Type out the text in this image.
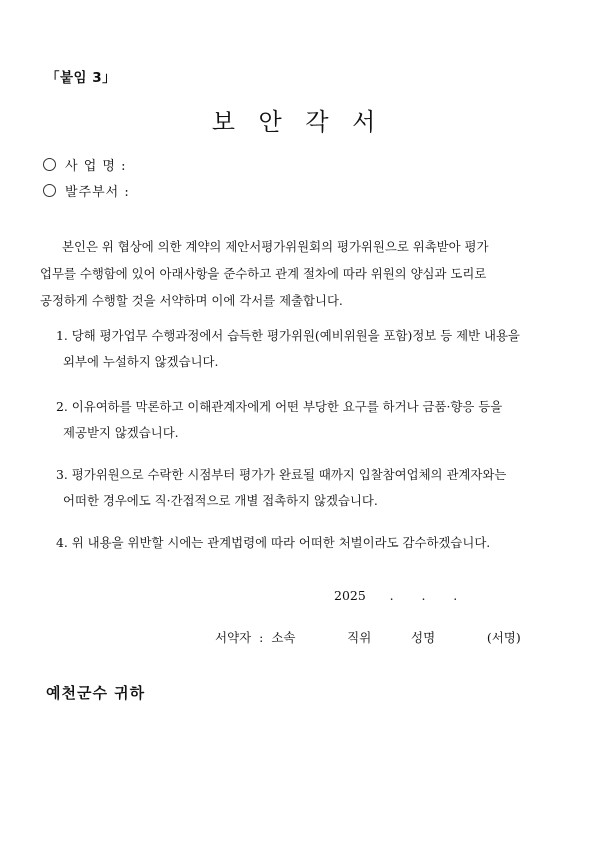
「붙임 3」
보 안 각 서
사 업 명 :
발주부서 :
본인은 위 협상에 의한 계약의 제안서평가위원회의 평가위원으로 위촉받아 평가
업무를 수행함에 있어 아래사항을 준수하고 관계 절차에 따라 위원의 양심과 도리로
공정하게 수행할 것을 서약하며 이에 각서를 제출합니다.
1. 당해 평가업무 수행과정에서 습득한 평가위원(예비위원을 포함)정보 등 제반 내용을
외부에 누설하지 않겠습니다.
2. 이유여하를 막론하고 이해관계자에게 어떤 부당한 요구를 하거나 금품·향응 등을
제공받지 않겠습니다.
3. 평가위원으로 수락한 시점부터 평가가 완료될 때까지 입찰참여업체의 관계자와는
어떠한 경우에도 직·간접적으로 개별 접촉하지 않겠습니다.
4. 위 내용을 위반할 시에는 관계법령에 따라 어떠한 처벌이라도 감수하겠습니다.
2025      .       .       .
서약자  :  소속             직위          성명             (서명)
예천군수 귀하
